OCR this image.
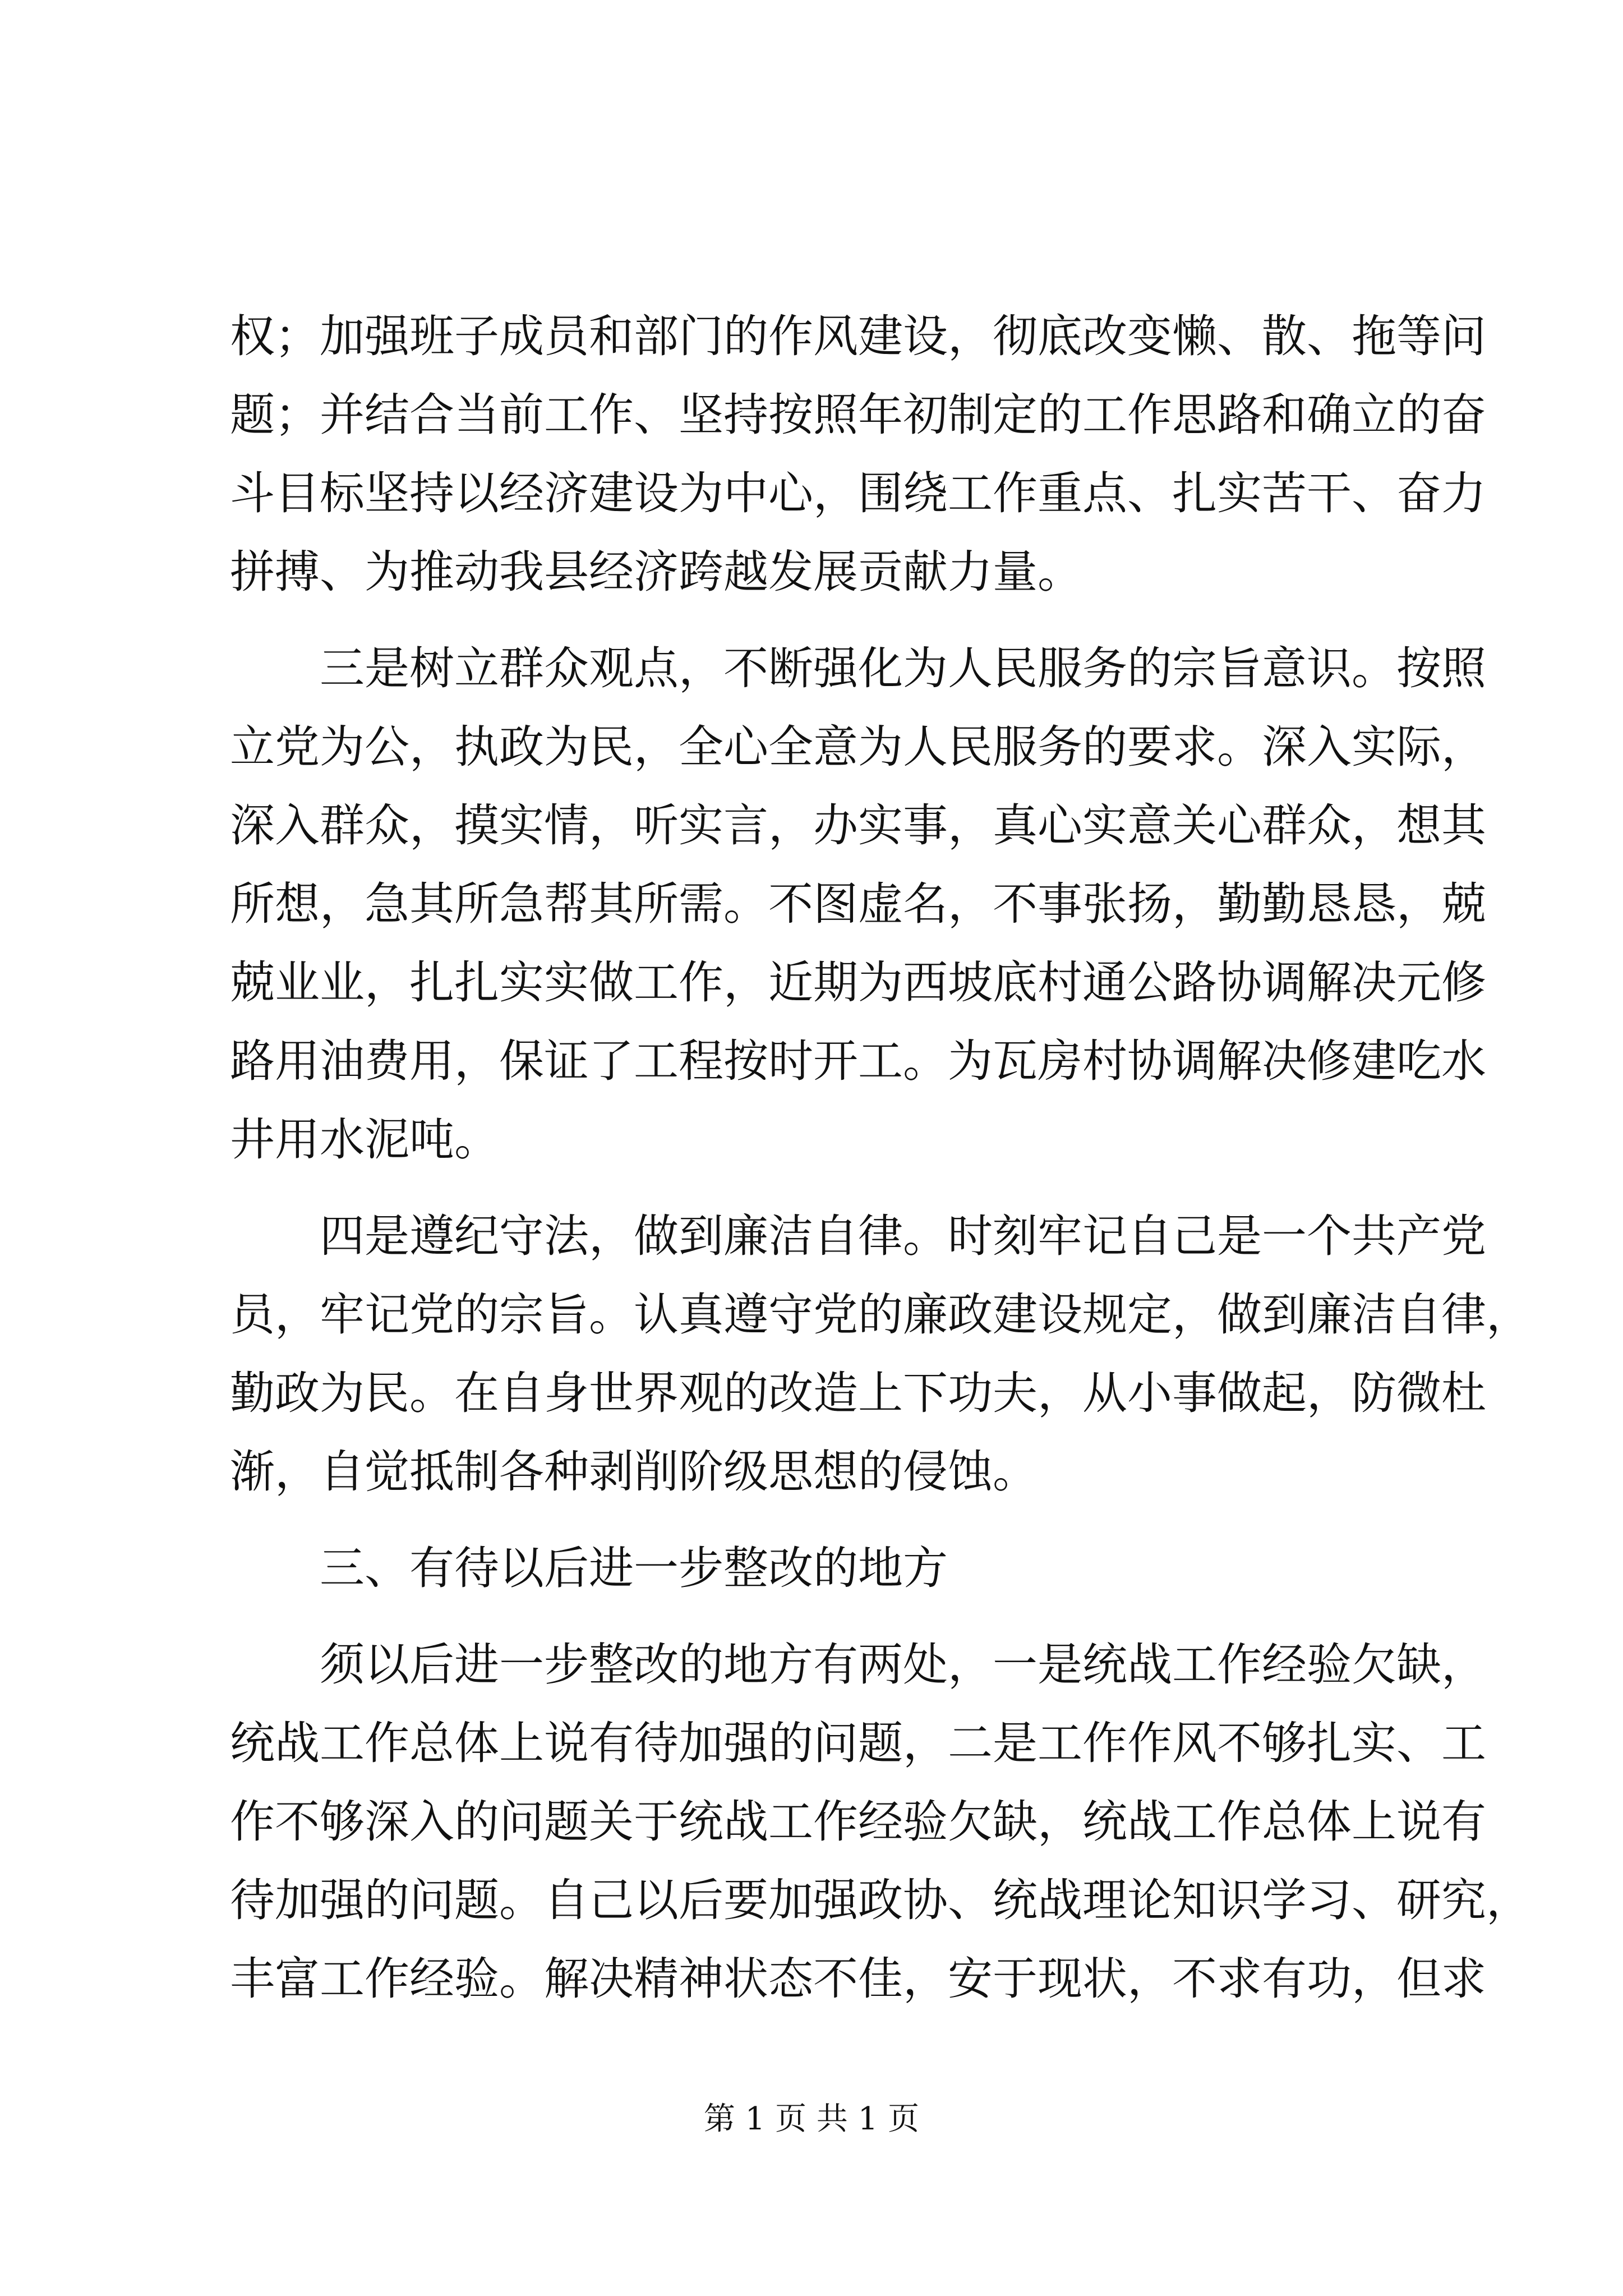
权；加强班子成员和部门的作风建设，彻底改变懒、散、拖等问
题；并结合当前工作、坚持按照年初制定的工作思路和确立的奋
斗目标坚持以经济建设为中心，围绕工作重点、扎实苦干、奋力
拼搏、为推动我县经济跨越发展贡献力量。
三是树立群众观点，不断强化为人民服务的宗旨意识。按照
立党为公，执政为民，全心全意为人民服务的要求。深入实际，
深入群众，摸实情，听实言，办实事，真心实意关心群众，想其
所想，急其所急帮其所需。不图虚名，不事张扬，勤勤恳恳，兢
兢业业，扎扎实实做工作，近期为西坡底村通公路协调解决元修
路用油费用，保证了工程按时开工。为瓦房村协调解决修建吃水
井用水泥吨。
四是遵纪守法，做到廉洁自律。时刻牢记自己是一个共产党
员，牢记党的宗旨。认真遵守党的廉政建设规定，做到廉洁自律，
勤政为民。在自身世界观的改造上下功夫，从小事做起，防微杜
渐，自觉抵制各种剥削阶级思想的侵蚀。
三、有待以后进一步整改的地方
须以后进一步整改的地方有两处，一是统战工作经验欠缺，
统战工作总体上说有待加强的问题，二是工作作风不够扎实、工
作不够深入的问题关于统战工作经验欠缺，统战工作总体上说有
待加强的问题。自己以后要加强政协、统战理论知识学习、研究，
丰富工作经验。解决精神状态不佳，安于现状，不求有功，但求
第 1 页 共 1 页
